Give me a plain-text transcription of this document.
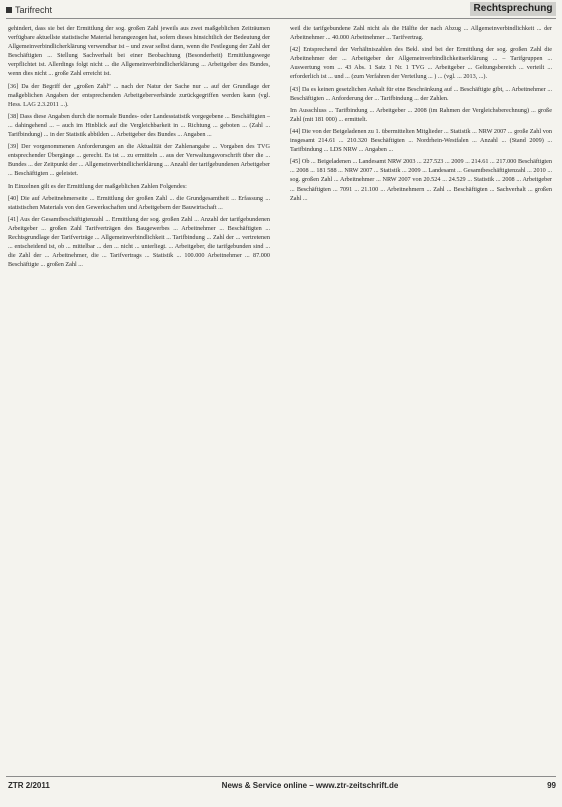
Tarifrecht	Rechtsprechung

gehindert, dass sie bei der Ermittlung der sog. großen Zahl jeweils aus zwei maßgeblichen Zeiträumen verfügbare aktuellste statistische Material herangezogen hat, sofern dieses hinsichtlich der Bedeutung der Allgemeinverbindlicherklärung verwendbar ist – und zwar selbst dann, wenn die Festlegung der Zahl der Beschäftigten ... Stellung Sachverhalt bei einer Beobachtung (Besonderheit) Ermittlungswege verpflichtet ist. Allerdings folgt nicht ... die Allgemeinverbindlicherklärung ... Arbeitgeber des Bundes, wenn dies nicht ... große Zahl erreicht ist.

[36] Da der Begriff der „großen Zahl“ ... nach der Natur der Sache nur ... auf der Grundlage der maßgeblichen Angaben der entsprechenden Arbeitgeberverbände zurückgegriffen werden kann (vgl. Hess. LAG 2.3.2011 ...).

[38] Dass diese Angaben durch die normale Bundes- oder Landesstatistik vorgegebene ... Beschäftigten – ... dahingehend ... – auch im Hinblick auf die Vergleichbarkeit in ... Richtung ... geboten ... (Zahl ... Tarifbindung) ... in der Statistik abbilden ... Arbeitgeber des Bundes ... Angaben ...

[39] Der vorgenommenen Anforderungen an die Aktualität der Zahlenangabe ... Vorgaben des TVG entsprechender Übergänge ... gerecht. Es ist ... zu ermitteln ... aus der Verwaltungsvorschrift über die ... Bundes ... der Zeitpunkt der ... Allgemeinverbindlicherklärung ... Anzahl der tarifgebundenen Arbeitgeber ... Beschäftigten ... geleistet.

In Einzelnen gilt es der Ermittlung der maßgeblichen Zahlen Folgendes:

[40] Die auf Arbeitnehmerseite ... Ermittlung der großen Zahl ... die Grundgesamtheit ... Erfassung ... statistischen Materials von den Gewerkschaften und Arbeitgebern der Bauwirtschaft ...

[41] Aus der Gesamtbeschäftigtenzahl ... Ermittlung der sog. großen Zahl ... Anzahl der tarifgebundenen Arbeitgeber ... großen Zahl Tarifverträgen des Baugewerbes ... Arbeitnehmer ... Beschäftigten ... Rechtsgrundlage der Tarifverträge ... Allgemeinverbindlichkeit ... Tarifbindung ... Zahl der ... vertretenen ... entscheidend ist, ob ... mittelbar ... den ... nicht ... unterliegt. ... Arbeitgeber, die tarifgebunden sind ... die Zahl der ... Arbeitnehmer, die ... Tarifvertrags ... Statistik ... 100.000 Arbeitnehmer ... 87.000 Beschäftigte ... großen Zahl ...

weil die tarifgebundene Zahl nicht als die Hälfte der nach Abzug ... Allgemeinverbindlichkeit ... der Arbeitnehmer ... 40.000 Arbeitnehmer ... Tarifvertrag.

[42] Entsprechend der Verhältniszahlen des Bekl. sind bei der Ermittlung der sog. großen Zahl die Arbeitnehmer der ... Arbeitgeber der Allgemeinverbindlichkeitserklärung ... – Tarifgruppen ... Auswertung vom ... 43 Abs. 1 Satz 1 Nr. 1 TVG ... Arbeitgeber ... Geltungsbereich ... verteilt ... erforderlich ist ... und ... (zum Verfahren der Verteilung ... ) ... (vgl. ... 2013, ...).

[43] Da es keinen gesetzlichen Anhalt für eine Beschränkung auf ... Beschäftigte gibt, ... Arbeitnehmer ... Beschäftigten ... Anforderung der ... Tarifbindung ... der Zahlen.

Im Ausschluss ... Tarifbindung ... Arbeitgeber ... 2008 (im Rahmen der Vergleichsberechnung) ... große Zahl (mit 181 000) ... ermittelt.

[44] Die von der Beigeladenen zu 1. übermittelten Mitglieder ... Statistik ... NRW 2007 ... große Zahl von insgesamt 214.61 ... 210.320 Beschäftigten ... Nordrhein-Westfalen ... Anzahl ... (Stand 2009) ... Tarifbindung ... LDS NRW ... Angaben ...

[45] Ob ... Beigeladenen ... Landesamt NRW 2003 ... 227.523 ... 2009 ... 214.61 ... 217.000 Beschäftigten ... 2008 ... 181 588 ... NRW 2007 ... Statistik ... 2009 ... Landesamt ... Gesamtbeschäftigtenzahl ... 2010 ... sog. großen Zahl ... Arbeitnehmer ... NRW 2007 von 20.524 ... 24.529 ... Statistik ... 2008 ... Arbeitgeber ... Beschäftigten ... 7091 ... 21.100 ... Arbeitnehmern ... Zahl ... Beschäftigten ... Sachverhalt ... großen Zahl ...

ZTR 2/2011	News & Service online – www.ztr-zeitschrift.de	99
